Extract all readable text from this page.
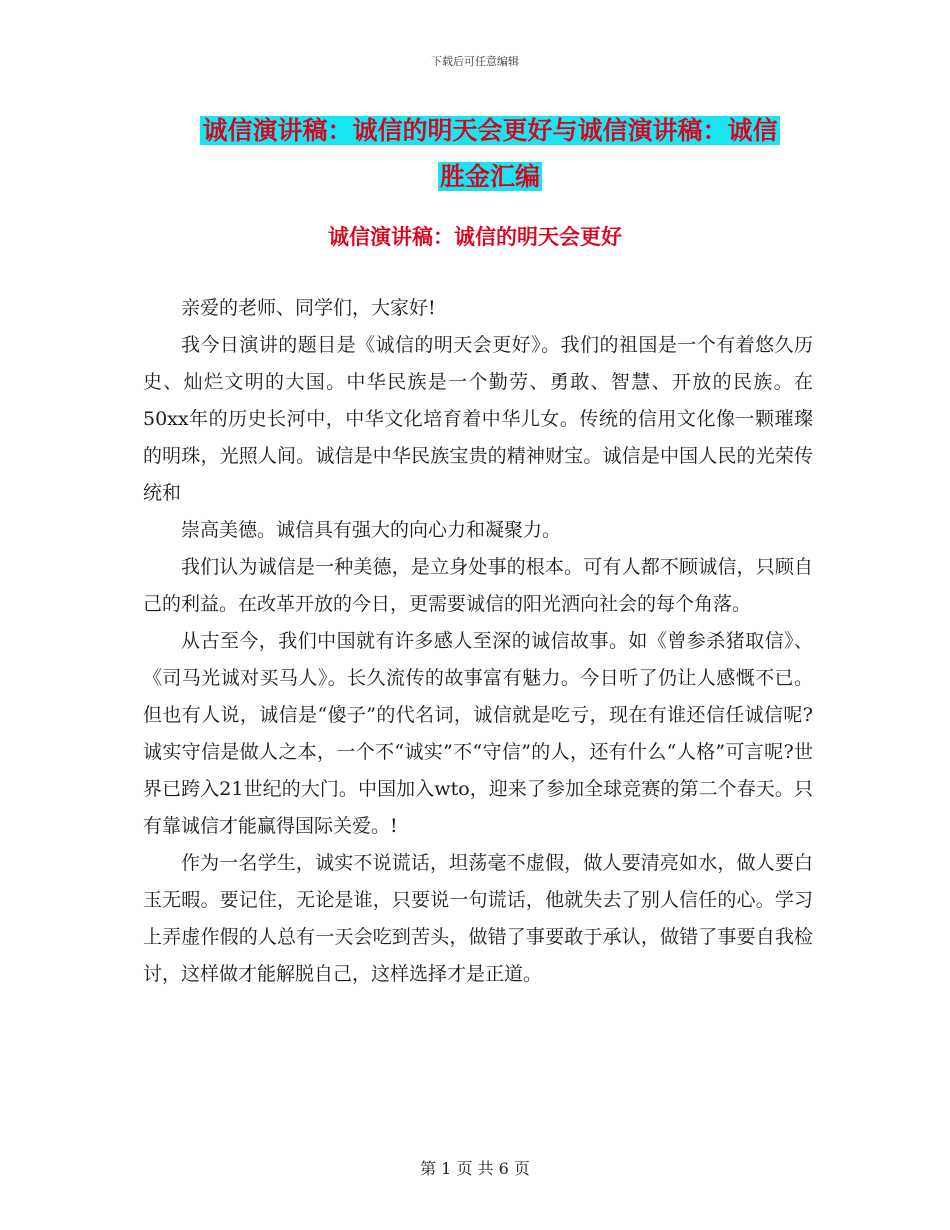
下载后可任意编辑
诚信演讲稿：诚信的明天会更好与诚信演讲稿：诚信
胜金汇编
诚信演讲稿：诚信的明天会更好

亲爱的老师、同学们，大家好!

我今日演讲的题目是《诚信的明天会更好》。我们的祖国是一个有着悠久历史、灿烂文明的大国。中华民族是一个勤劳、勇敢、智慧、开放的民族。在50xx年的历史长河中，中华文化培育着中华儿女。传统的信用文化像一颗璀璨的明珠，光照人间。诚信是中华民族宝贵的精神财宝。诚信是中国人民的光荣传统和

崇高美德。诚信具有强大的向心力和凝聚力。

我们认为诚信是一种美德，是立身处事的根本。可有人都不顾诚信，只顾自己的利益。在改革开放的今日，更需要诚信的阳光洒向社会的每个角落。

从古至今，我们中国就有许多感人至深的诚信故事。如《曾参杀猪取信》、《司马光诚对买马人》。长久流传的故事富有魅力。今日听了仍让人感慨不已。但也有人说，诚信是“傻子”的代名词，诚信就是吃亏，现在有谁还信任诚信呢?诚实守信是做人之本，一个不“诚实”不“守信”的人，还有什么“人格”可言呢?世界已跨入21世纪的大门。中国加入wto，迎来了参加全球竞赛的第二个春天。只有靠诚信才能赢得国际关爱。!

作为一名学生，诚实不说谎话，坦荡毫不虚假，做人要清亮如水，做人要白玉无暇。要记住，无论是谁，只要说一句谎话，他就失去了别人信任的心。学习上弄虚作假的人总有一天会吃到苦头，做错了事要敢于承认，做错了事要自我检讨，这样做才能解脱自己，这样选择才是正道。

第 1 页 共 6 页
